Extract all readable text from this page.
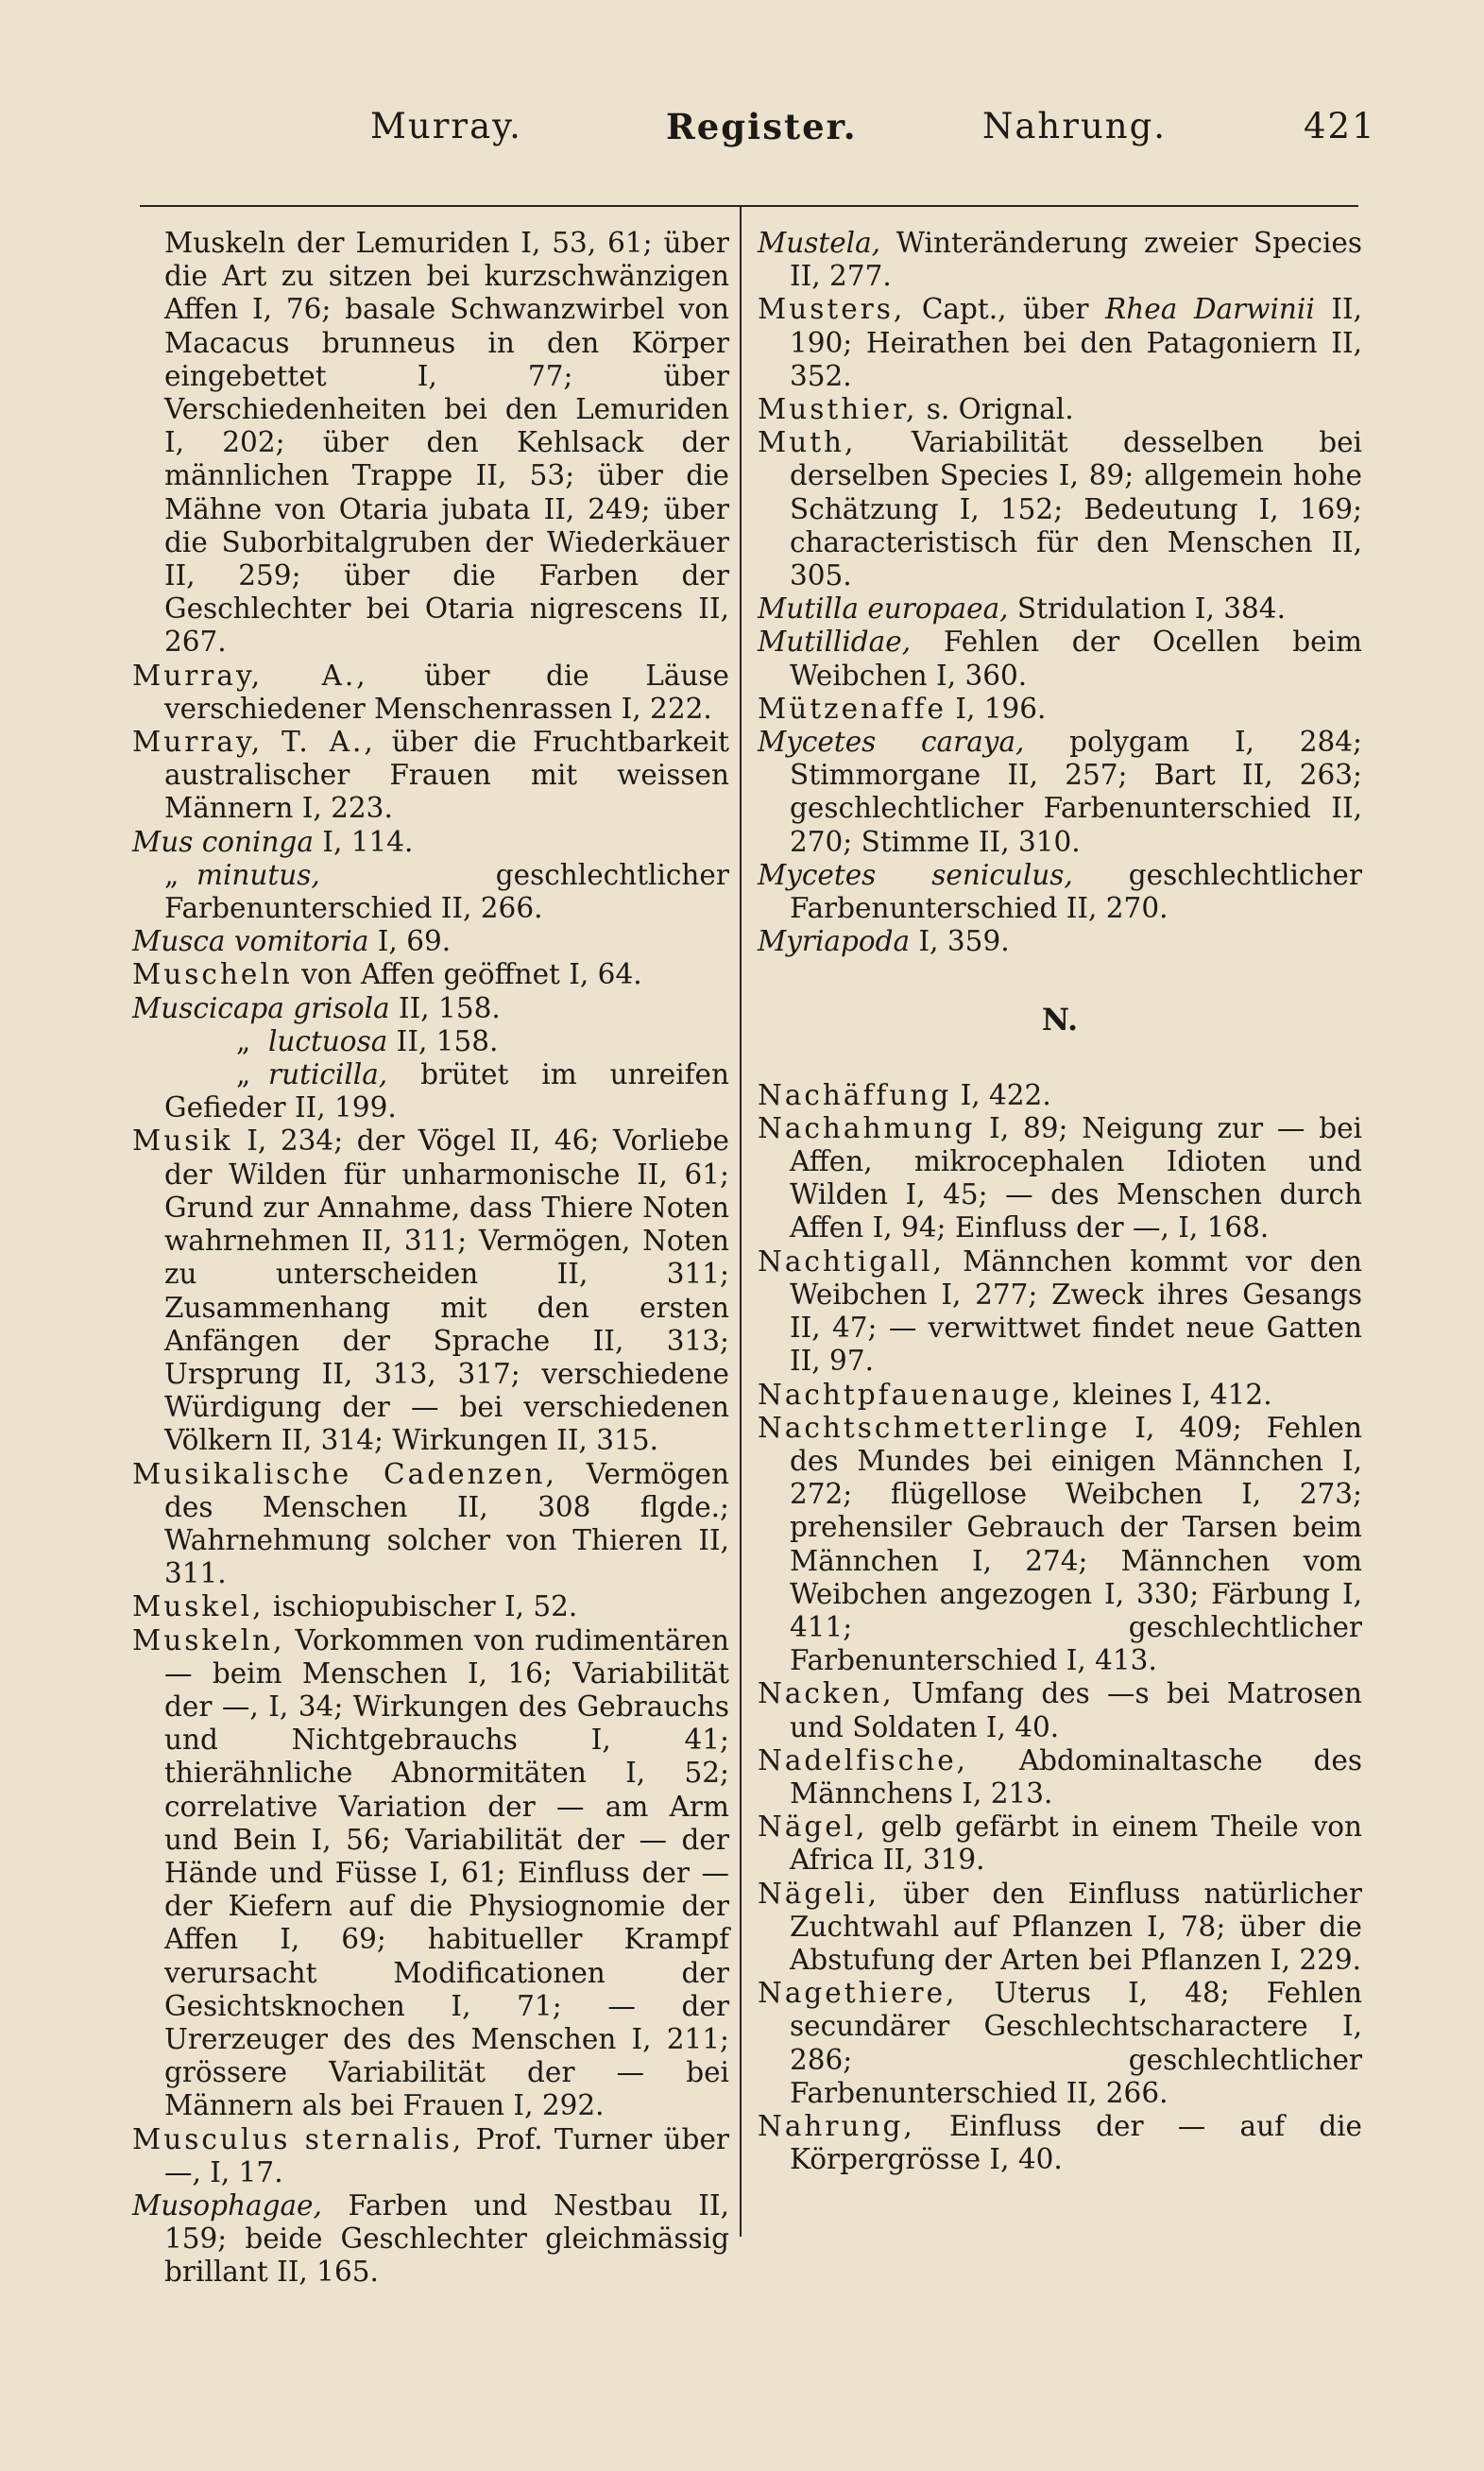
Murray.	Register.	Nahrung.	421
Muskeln der Lemuriden I, 53, 61; über die Art zu sitzen bei kurzschwänzigen Affen I, 76; basale Schwanzwirbel von Macacus brunneus in den Körper eingebettet I, 77; über Verschiedenheiten bei den Lemuriden I, 202; über den Kehlsack der männlichen Trappe II, 53; über die Mähne von Otaria jubata II, 249; über die Suborbitalgruben der Wiederkäuer II, 259; über die Farben der Geschlechter bei Otaria nigrescens II, 267.
Murray, A., über die Läuse verschiedener Menschenrassen I, 222.
Murray, T. A., über die Fruchtbarkeit australischer Frauen mit weissen Männern I, 223.
Mus coninga I, 114.
„ minutus, geschlechtlicher Farbenunterschied II, 266.
Musca vomitoria I, 69.
Muscheln von Affen geöffnet I, 64.
Muscicapa grisola II, 158.
„ luctuosa II, 158.
„ ruticilla, brütet im unreifen Gefieder II, 199.
Musik I, 234; der Vögel II, 46; Vorliebe der Wilden für unharmonische II, 61; Grund zur Annahme, dass Thiere Noten wahrnehmen II, 311; Vermögen, Noten zu unterscheiden II, 311; Zusammenhang mit den ersten Anfängen der Sprache II, 313; Ursprung II, 313, 317; verschiedene Würdigung der — bei verschiedenen Völkern II, 314; Wirkungen II, 315.
Musikalische Cadenzen, Vermögen des Menschen II, 308 flgde.; Wahrnehmung solcher von Thieren II, 311.
Muskel, ischiopubischer I, 52.
Muskeln, Vorkommen von rudimentären — beim Menschen I, 16; Variabilität der —, I, 34; Wirkungen des Gebrauchs und Nichtgebrauchs I, 41; thierähnliche Abnormitäten I, 52; correlative Variation der — am Arm und Bein I, 56; Variabilität der — der Hände und Füsse I, 61; Einfluss der — der Kiefern auf die Physiognomie der Affen I, 69; habitueller Krampf verursacht Modificationen der Gesichtsknochen I, 71; — der Urerzeuger des des Menschen I, 211; grössere Variabilität der — bei Männern als bei Frauen I, 292.
Musculus sternalis, Prof. Turner über —, I, 17.
Musophagae, Farben und Nestbau II, 159; beide Geschlechter gleichmässig brillant II, 165.
Mustela, Winteränderung zweier Species II, 277.
Musters, Capt., über Rhea Darwinii II, 190; Heirathen bei den Patagoniern II, 352.
Musthier, s. Orignal.
Muth, Variabilität desselben bei derselben Species I, 89; allgemein hohe Schätzung I, 152; Bedeutung I, 169; characteristisch für den Menschen II, 305.
Mutilla europaea, Stridulation I, 384.
Mutillidae, Fehlen der Ocellen beim Weibchen I, 360.
Mützenaffe I, 196.
Mycetes caraya, polygam I, 284; Stimmorgane II, 257; Bart II, 263; geschlechtlicher Farbenunterschied II, 270; Stimme II, 310.
Mycetes seniculus, geschlechtlicher Farbenunterschied II, 270.
Myriapoda I, 359.
N.
Nachäffung I, 422.
Nachahmung I, 89; Neigung zur — bei Affen, mikrocephalen Idioten und Wilden I, 45; — des Menschen durch Affen I, 94; Einfluss der —, I, 168.
Nachtigall, Männchen kommt vor den Weibchen I, 277; Zweck ihres Gesangs II, 47; — verwittwet findet neue Gatten II, 97.
Nachtpfauenauge, kleines I, 412.
Nachtschmetterlinge I, 409; Fehlen des Mundes bei einigen Männchen I, 272; flügellose Weibchen I, 273; prehensiler Gebrauch der Tarsen beim Männchen I, 274; Männchen vom Weibchen angezogen I, 330; Färbung I, 411; geschlechtlicher Farbenunterschied I, 413.
Nacken, Umfang des —s bei Matrosen und Soldaten I, 40.
Nadelfische, Abdominaltasche des Männchens I, 213.
Nägel, gelb gefärbt in einem Theile von Africa II, 319.
Nägeli, über den Einfluss natürlicher Zuchtwahl auf Pflanzen I, 78; über die Abstufung der Arten bei Pflanzen I, 229.
Nagethiere, Uterus I, 48; Fehlen secundärer Geschlechtscharactere I, 286; geschlechtlicher Farbenunterschied II, 266.
Nahrung, Einfluss der — auf die Körpergrösse I, 40.
